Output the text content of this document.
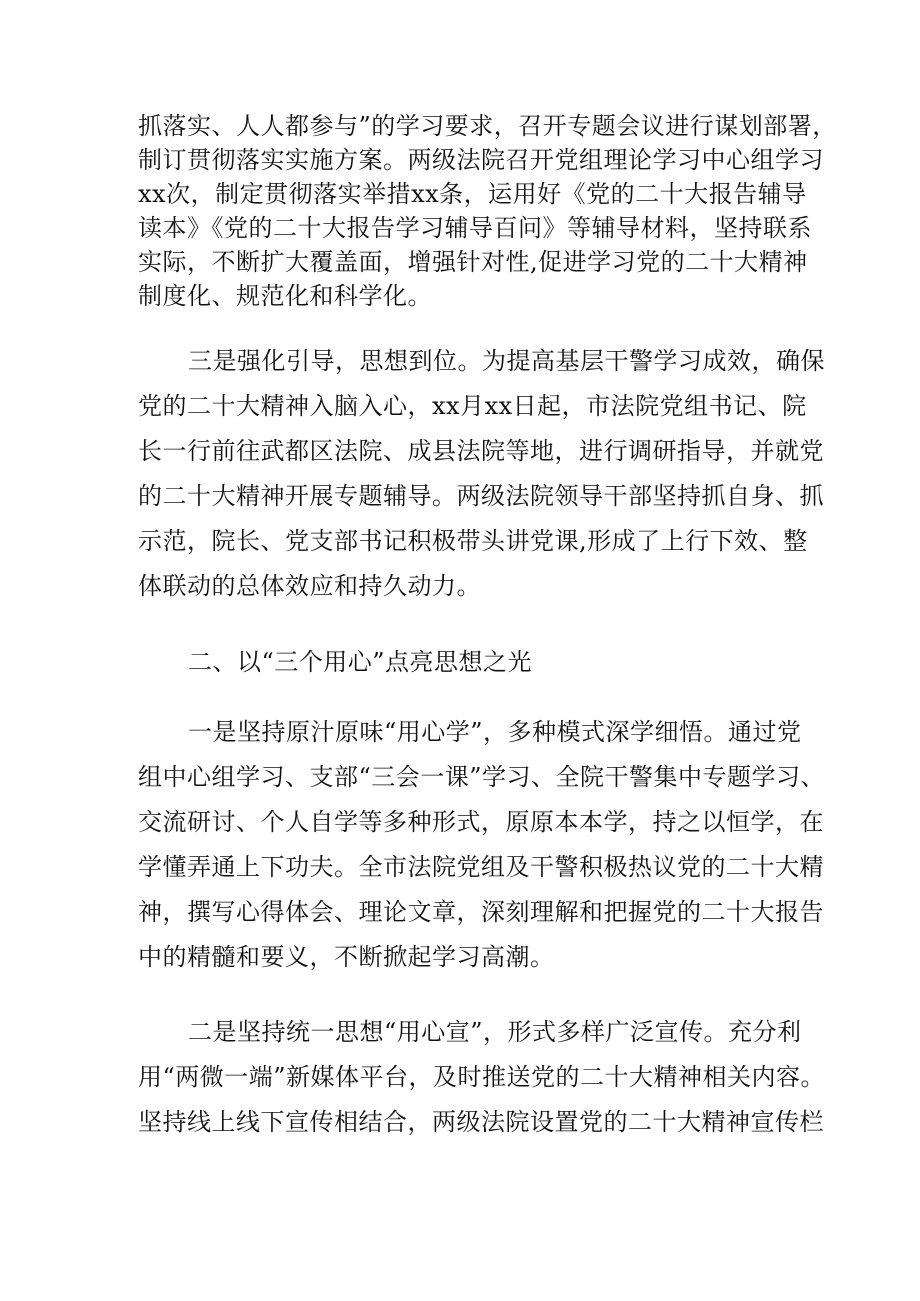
抓落实、人人都参与”的学习要求，召开专题会议进行谋划部署，
制订贯彻落实实施方案。两级法院召开党组理论学习中心组学习
xx次，制定贯彻落实举措xx条，运用好《党的二十大报告辅导
读本》《党的二十大报告学习辅导百问》等辅导材料，坚持联系
实际，不断扩大覆盖面，增强针对性,促进学习党的二十大精神
制度化、规范化和科学化。
三是强化引导，思想到位。为提高基层干警学习成效，确保
党的二十大精神入脑入心，xx月xx日起，市法院党组书记、院
长一行前往武都区法院、成县法院等地，进行调研指导，并就党
的二十大精神开展专题辅导。两级法院领导干部坚持抓自身、抓
示范，院长、党支部书记积极带头讲党课,形成了上行下效、整
体联动的总体效应和持久动力。
二、以“三个用心”点亮思想之光
一是坚持原汁原味“用心学”，多种模式深学细悟。通过党
组中心组学习、支部“三会一课”学习、全院干警集中专题学习、
交流研讨、个人自学等多种形式，原原本本学，持之以恒学，在
学懂弄通上下功夫。全市法院党组及干警积极热议党的二十大精
神，撰写心得体会、理论文章，深刻理解和把握党的二十大报告
中的精髓和要义，不断掀起学习高潮。
二是坚持统一思想“用心宣”，形式多样广泛宣传。充分利
用“两微一端”新媒体平台，及时推送党的二十大精神相关内容。
坚持线上线下宣传相结合，两级法院设置党的二十大精神宣传栏
